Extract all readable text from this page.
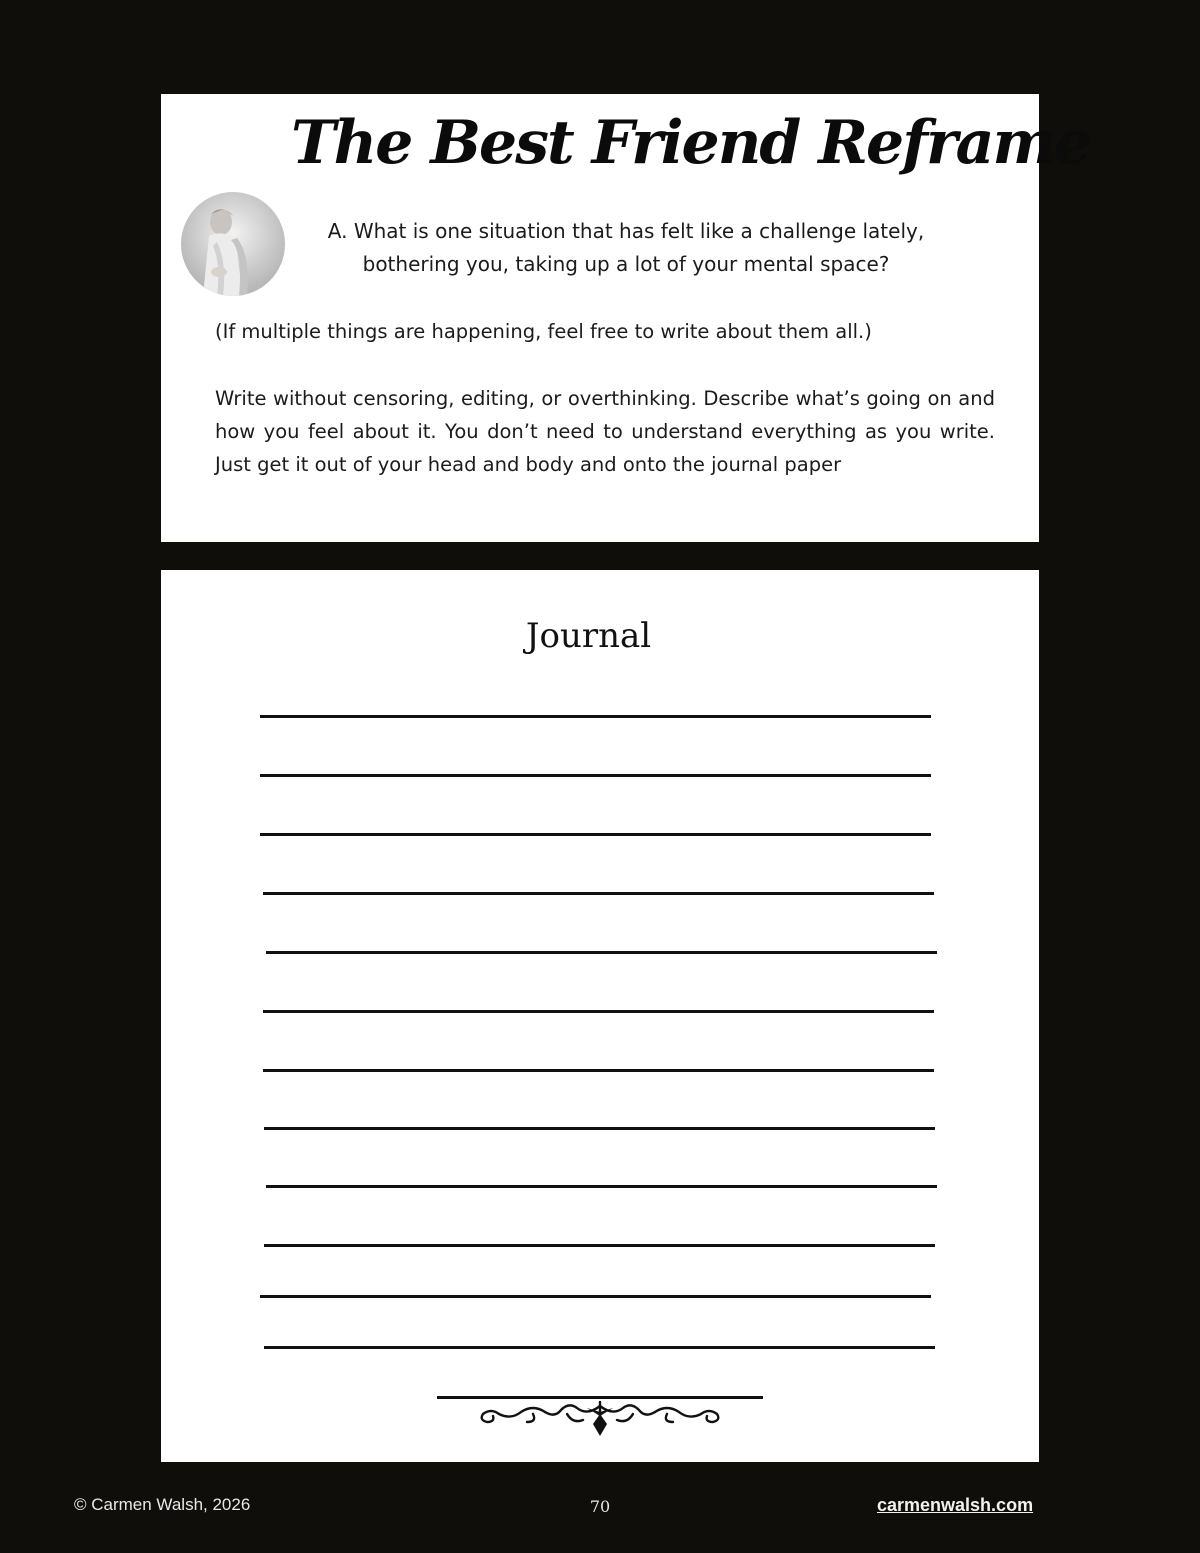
The Best Friend Reframe
A. What is one situation that has felt like a challenge lately,
bothering you, taking up a lot of your mental space?
(If multiple things are happening, feel free to write about them all.)
Write without censoring, editing, or overthinking. Describe what’s going on and how you feel about it. You don’t need to understand everything as you write. Just get it out of your head and body and onto the journal paper
Journal
© Carmen Walsh, 2026	70	carmenwalsh.com
